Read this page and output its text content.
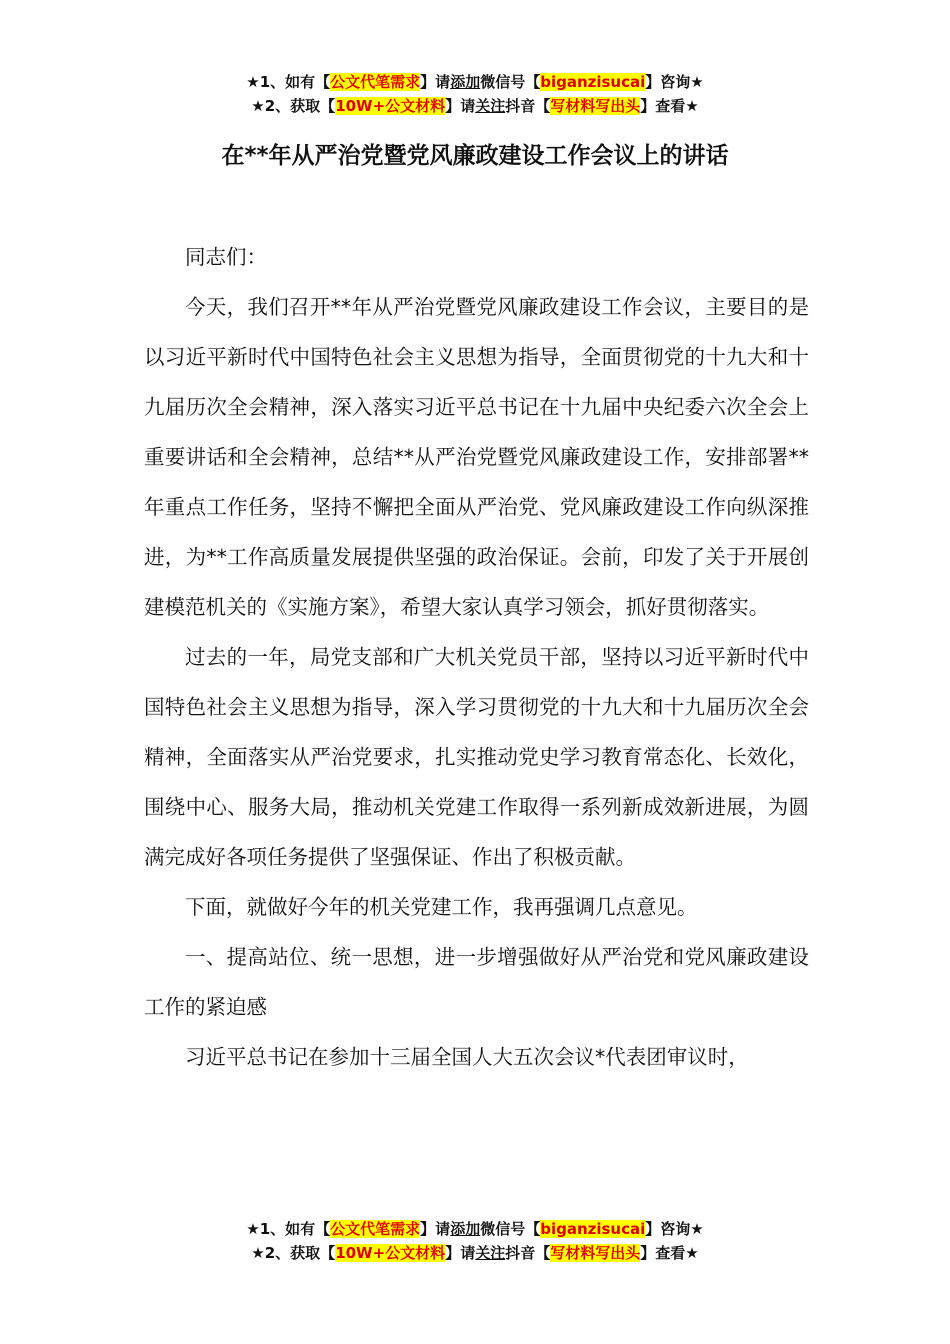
★1、如有【公文代笔需求】请添加微信号【biganzisucai】咨询★
★2、获取【10W+公文材料】请关注抖音【写材料写出头】查看★
在**年从严治党暨党风廉政建设工作会议上的讲话

同志们：

今天，我们召开**年从严治党暨党风廉政建设工作会议，主要目的是以习近平新时代中国特色社会主义思想为指导，全面贯彻党的十九大和十九届历次全会精神，深入落实习近平总书记在十九届中央纪委六次全会上重要讲话和全会精神，总结**从严治党暨党风廉政建设工作，安排部署**年重点工作任务，坚持不懈把全面从严治党、党风廉政建设工作向纵深推进，为**工作高质量发展提供坚强的政治保证。会前，印发了关于开展创建模范机关的《实施方案》，希望大家认真学习领会，抓好贯彻落实。

过去的一年，局党支部和广大机关党员干部，坚持以习近平新时代中国特色社会主义思想为指导，深入学习贯彻党的十九大和十九届历次全会精神，全面落实从严治党要求，扎实推动党史学习教育常态化、长效化，围绕中心、服务大局，推动机关党建工作取得一系列新成效新进展，为圆满完成好各项任务提供了坚强保证、作出了积极贡献。

下面，就做好今年的机关党建工作，我再强调几点意见。

一、提高站位、统一思想，进一步增强做好从严治党和党风廉政建设工作的紧迫感

习近平总书记在参加十三届全国人大五次会议*代表团审议时，

★1、如有【公文代笔需求】请添加微信号【biganzisucai】咨询★
★2、获取【10W+公文材料】请关注抖音【写材料写出头】查看★
